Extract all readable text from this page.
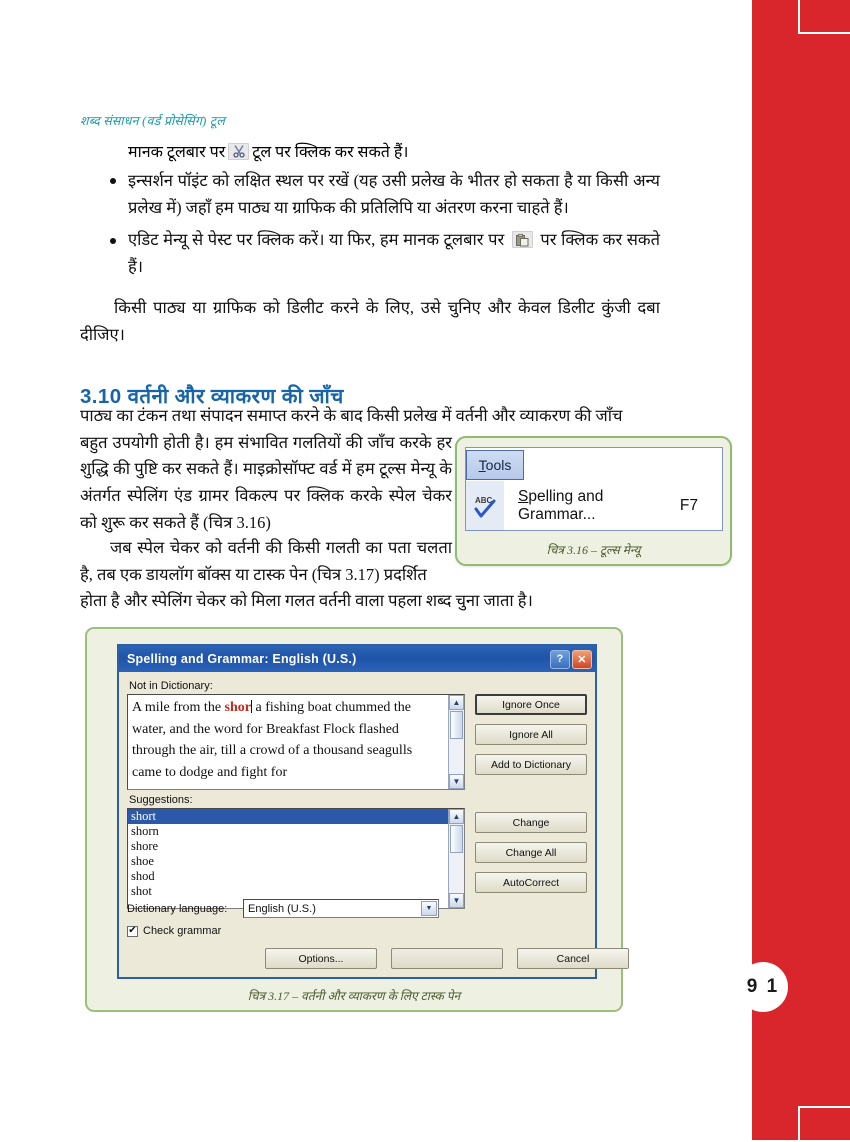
9 1
शब्द संसाधन (वर्ड प्रोसेसिंग) टूल
मानक टूलबार पर टूल पर क्लिक कर सकते हैं।
इन्सर्शन पॉइंट को लक्षित स्थल पर रखें (यह उसी प्रलेख के भीतर हो सकता है या किसी अन्य प्रलेख में) जहाँ हम पाठ्य या ग्राफिक की प्रतिलिपि या अंतरण करना चाहते हैं।
एडिट मेन्यू से पेस्ट पर क्लिक करें। या फिर, हम मानक टूलबार पर पर क्लिक कर सकते हैं।

किसी पाठ्य या ग्राफिक को डिलीट करने के लिए, उसे चुनिए और केवल डिलीट कुंजी दबा दीजिए।

3.10 वर्तनी और व्याकरण की जाँच

पाठ्य का टंकन तथा संपादन समाप्त करने के बाद किसी प्रलेख में वर्तनी और व्याकरण की जाँच

बहुत उपयोगी होती है। हम संभावित गलतियों की जाँच करके हर शुद्धि की पुष्टि कर सकते हैं। माइक्रोसॉफ्ट वर्ड में हम टूल्स मेन्यू के अंतर्गत स्पेलिंग एंड ग्रामर विकल्प पर क्लिक करके स्पेल चेकर को शुरू कर सकते हैं (चित्र 3.16)

जब स्पेल चेकर को वर्तनी की किसी गलती का पता चलता है, तब एक डायलॉग बॉक्स या टास्क पेन (चित्र 3.17) प्रदर्शित

होता है और स्पेलिंग चेकर को मिला गलत वर्तनी वाला पहला शब्द चुना जाता है।

Tools
ABC	Spelling and Grammar...
F7
चित्र 3.16 – टूल्स मेन्यू
Spelling and Grammar: English (U.S.)	?	✕
Not in Dictionary:
A mile from the shor a fishing boat chummed the water, and the word for Breakfast Flock flashed through the air, till a crowd of a thousand seagulls came to dodge and fight for
▲
▼
Suggestions:
short
shorn
shore
shoe
shod
shot
▲
▼
Ignore Once
Ignore All
Add to Dictionary
Change
Change All
AutoCorrect
Dictionary language:	English (U.S.)	▼
✔ Check grammar
Options...	Cancel
चित्र 3.17 – वर्तनी और व्याकरण के लिए टास्क पेन
